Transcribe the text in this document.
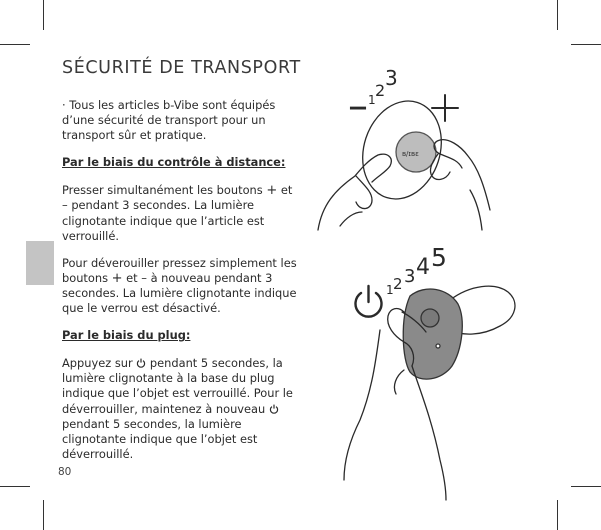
SÉCURITÉ DE TRANSPORT

· Tous les articles b-Vibe sont équipés d’une sécurité de transport pour un transport sûr et pratique.

Par le biais du contrôle à distance:

Presser simultanément les boutons + et – pendant 3 secondes. La lumière clignotante indique que l’article est verrouillé.

Pour déverouiller pressez simplement les boutons + et – à nouveau pendant 3 secondes. La lumière clignotante indique que le verrou est désactivé.

Par le biais du plug:

Appuyez sur pendant 5 secondes, la lumière clignotante à la base du plug indique que l’objet est verrouillé. Pour le déverrouiller, maintenez à nouveau  pendant 5 secondes, la lumière clignotante indique que l’objet est déverrouillé.

80
– 1 2
3
ʙ/ɪʙɛ
1 2 3 4 5
